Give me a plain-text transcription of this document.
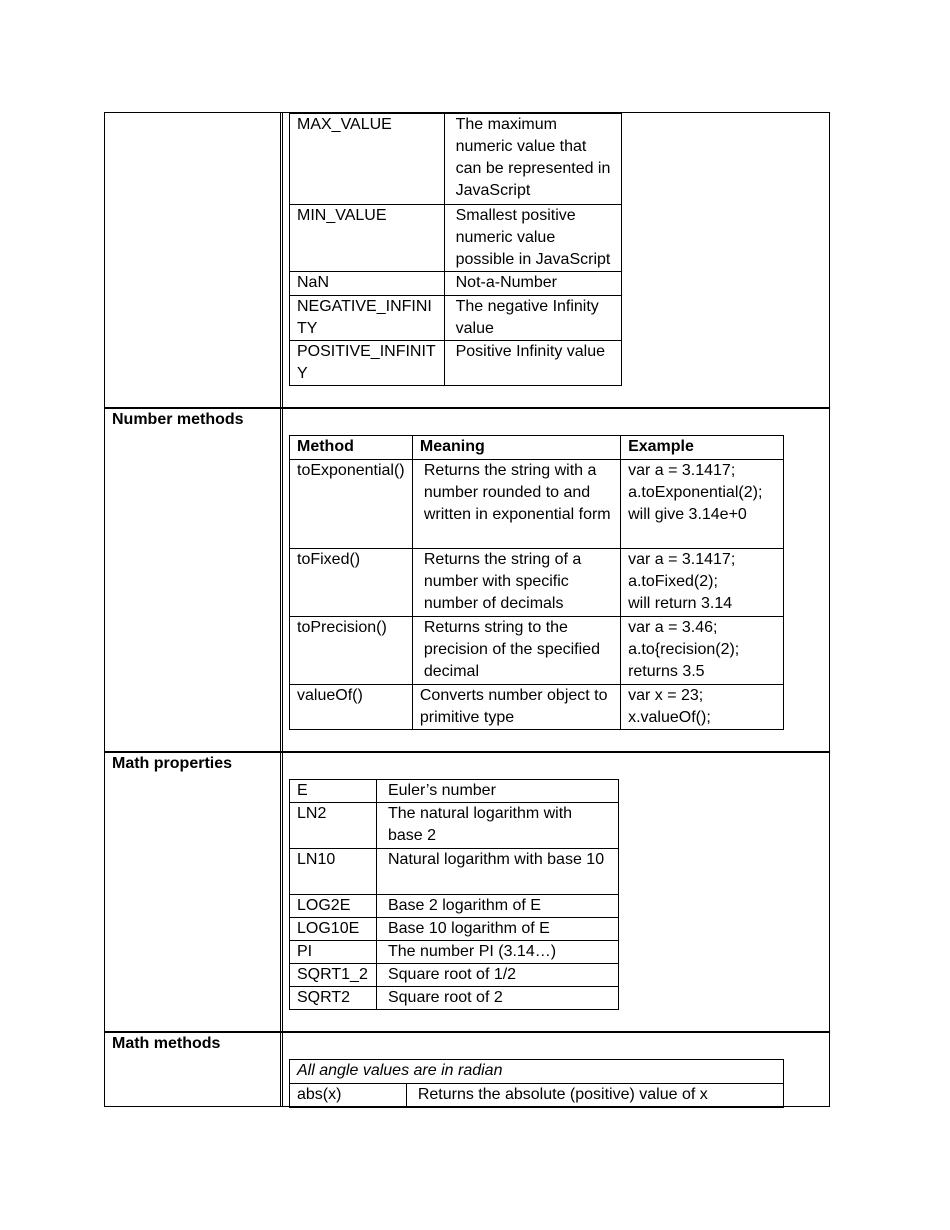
MAX_VALUE	The maximum numeric value that can be represented in JavaScript
MIN_VALUE	Smallest positive numeric value possible in JavaScript
NaN	Not-a-Number
NEGATIVE_INFINITY	The negative Infinity value
POSITIVE_INFINITY	Positive Infinity value
Number methods
Method	Meaning	Example
toExponential()	Returns the string with a number rounded to and written in exponential form	var a = 3.1417;
a.toExponential(2);
will give 3.14e+0

toFixed()	Returns the string of a number with specific number of decimals	var a = 3.1417;
a.toFixed(2);
will return 3.14

toPrecision()	Returns string to the precision of the specified decimal	var a = 3.46;
a.to{recision(2);
returns 3.5

valueOf()	Converts number object to primitive type	var x = 23;
x.valueOf();
Math properties
E	Euler’s number
LN2	The natural logarithm with base 2
LN10	Natural logarithm with base 10
LOG2E	Base 2 logarithm of E
LOG10E	Base 10 logarithm of E
PI	The number PI (3.14…)
SQRT1_2	Square root of 1/2
SQRT2	Square root of 2
Math methods
All angle values are in radian
abs(x)	Returns the absolute (positive) value of x
